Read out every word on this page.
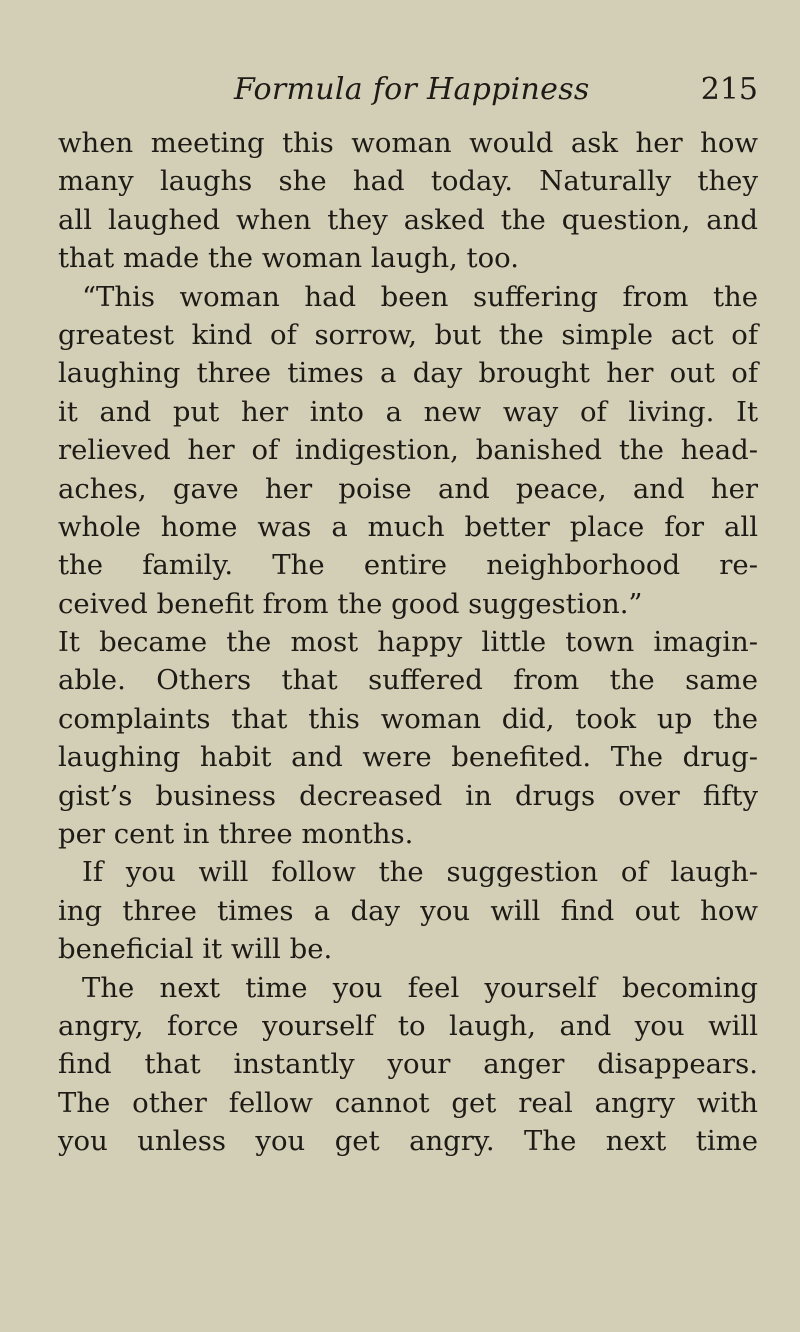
Formula for Happiness	215
when meeting this woman would ask her how
many laughs she had today. Naturally they
all laughed when they asked the question, and
that made the woman laugh, too.
“This woman had been suffering from the
greatest kind of sorrow, but the simple act of
laughing three times a day brought her out of
it and put her into a new way of living. It
relieved her of indigestion, banished the head-
aches, gave her poise and peace, and her
whole home was a much better place for all
the family. The entire neighborhood re-
ceived benefit from the good suggestion.”
It became the most happy little town imagin-
able. Others that suffered from the same
complaints that this woman did, took up the
laughing habit and were benefited. The drug-
gist’s business decreased in drugs over fifty
per cent in three months.
If you will follow the suggestion of laugh-
ing three times a day you will find out how
beneficial it will be.
The next time you feel yourself becoming
angry, force yourself to laugh, and you will
find that instantly your anger disappears.
The other fellow cannot get real angry with
you unless you get angry. The next time
